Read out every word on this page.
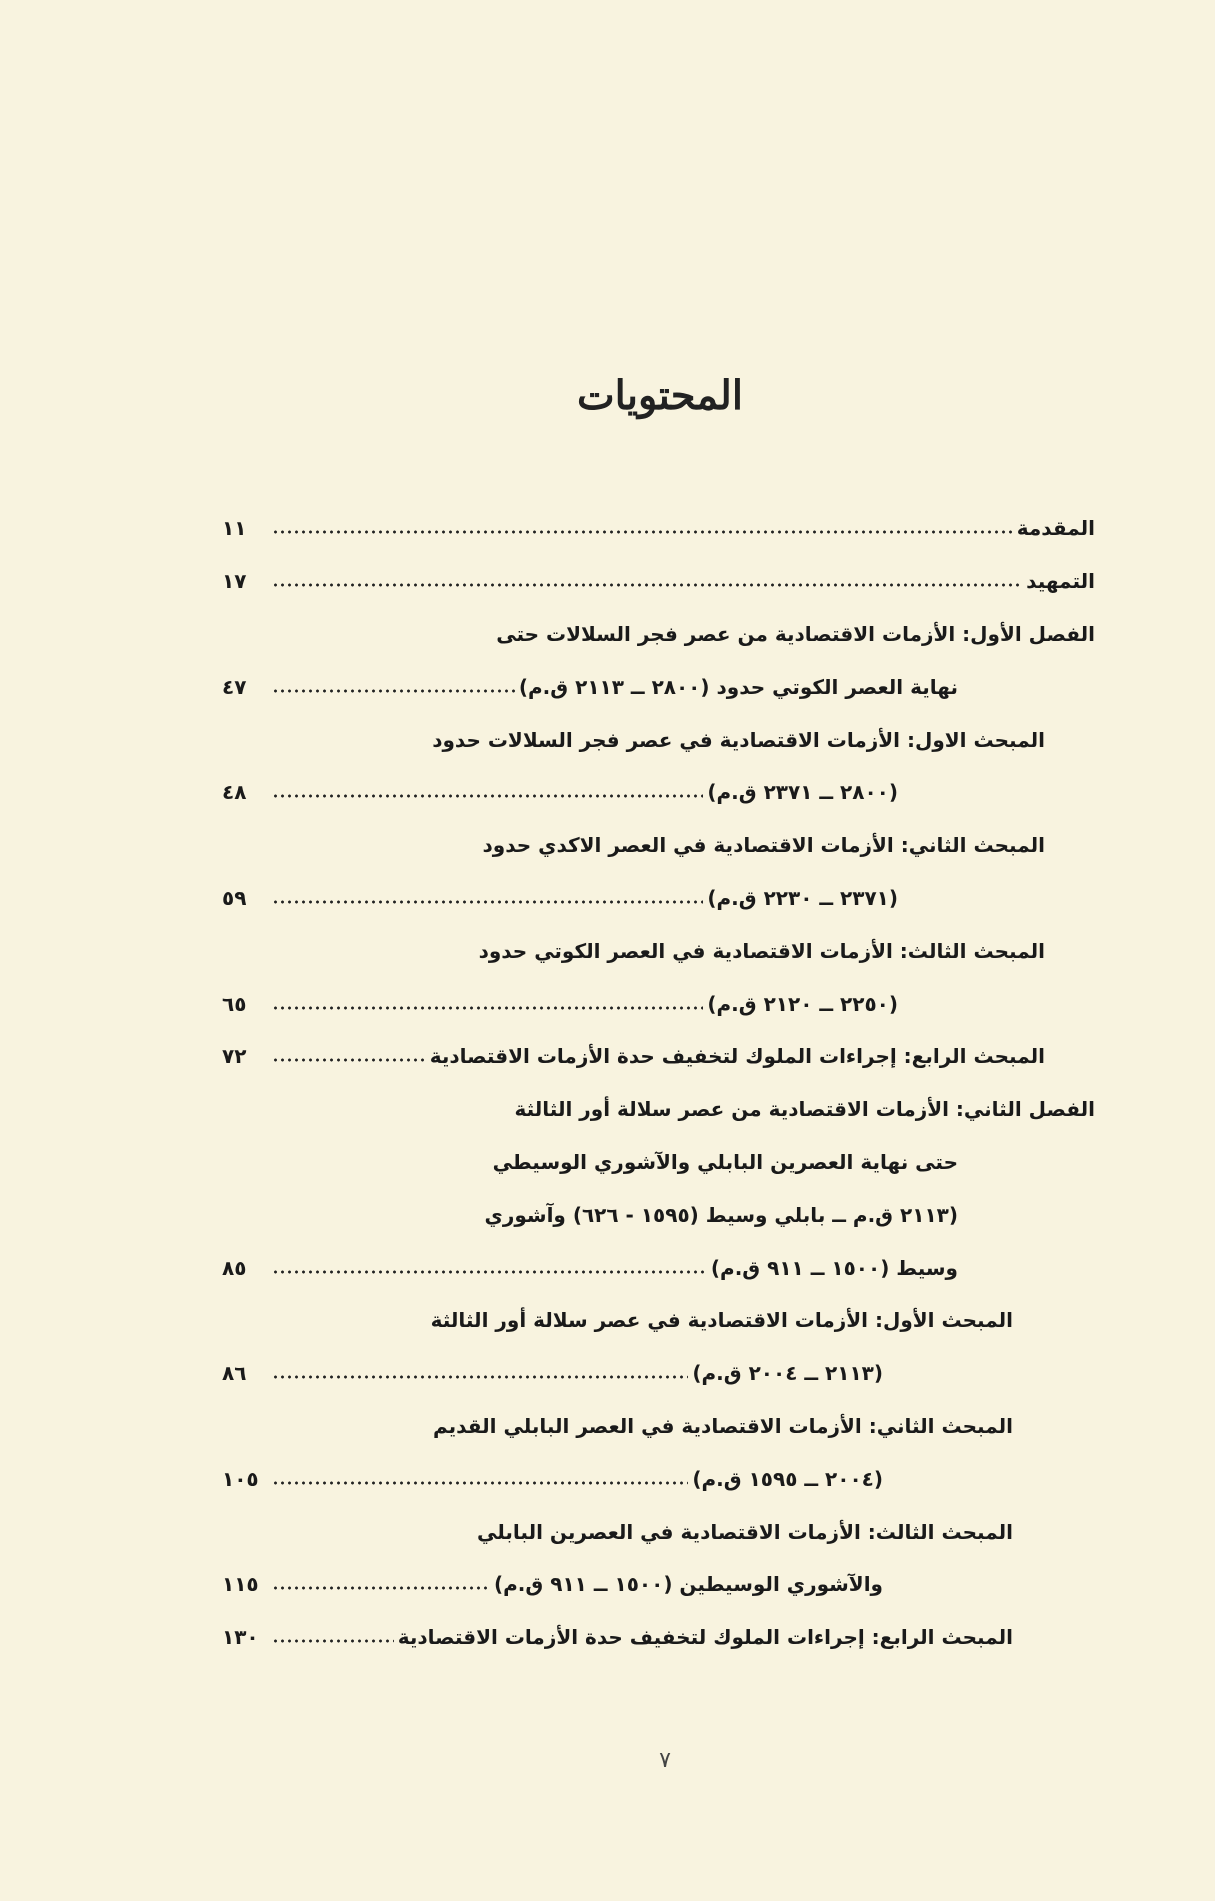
المحتويات
المقدمة
١١
التمهيد
١٧
الفصل الأول: الأزمات الاقتصادية من عصر فجر السلالات حتى
نهاية العصر الكوتي حدود (٢٨٠٠ ــ ٢١١٣ ق.م)
٤٧
المبحث الاول: الأزمات الاقتصادية في عصر فجر السلالات حدود
(٢٨٠٠ ــ ٢٣٧١ ق.م)
٤٨
المبحث الثاني: الأزمات الاقتصادية في العصر الاكدي حدود
(٢٣٧١ ــ ٢٢٣٠ ق.م)
٥٩
المبحث الثالث: الأزمات الاقتصادية في العصر الكوتي حدود
(٢٢٥٠ ــ ٢١٢٠ ق.م)
٦٥
المبحث الرابع: إجراءات الملوك لتخفيف حدة الأزمات الاقتصادية
٧٢
الفصل الثاني: الأزمات الاقتصادية من عصر سلالة أور الثالثة
حتى نهاية العصرين البابلي والآشوري الوسيطي
(٢١١٣ ق.م ــ بابلي وسيط (١٥٩٥ - ٦٢٦) وآشوري
وسيط (١٥٠٠ ــ ٩١١ ق.م)
٨٥
المبحث الأول: الأزمات الاقتصادية في عصر سلالة أور الثالثة
(٢١١٣ ــ ٢٠٠٤ ق.م)
٨٦
المبحث الثاني: الأزمات الاقتصادية في العصر البابلي القديم
(٢٠٠٤ ــ ١٥٩٥ ق.م)
١٠٥
المبحث الثالث: الأزمات الاقتصادية في العصرين البابلي
والآشوري الوسيطين (١٥٠٠ ــ ٩١١ ق.م)
١١٥
المبحث الرابع: إجراءات الملوك لتخفيف حدة الأزمات الاقتصادية
١٣٠
٧
